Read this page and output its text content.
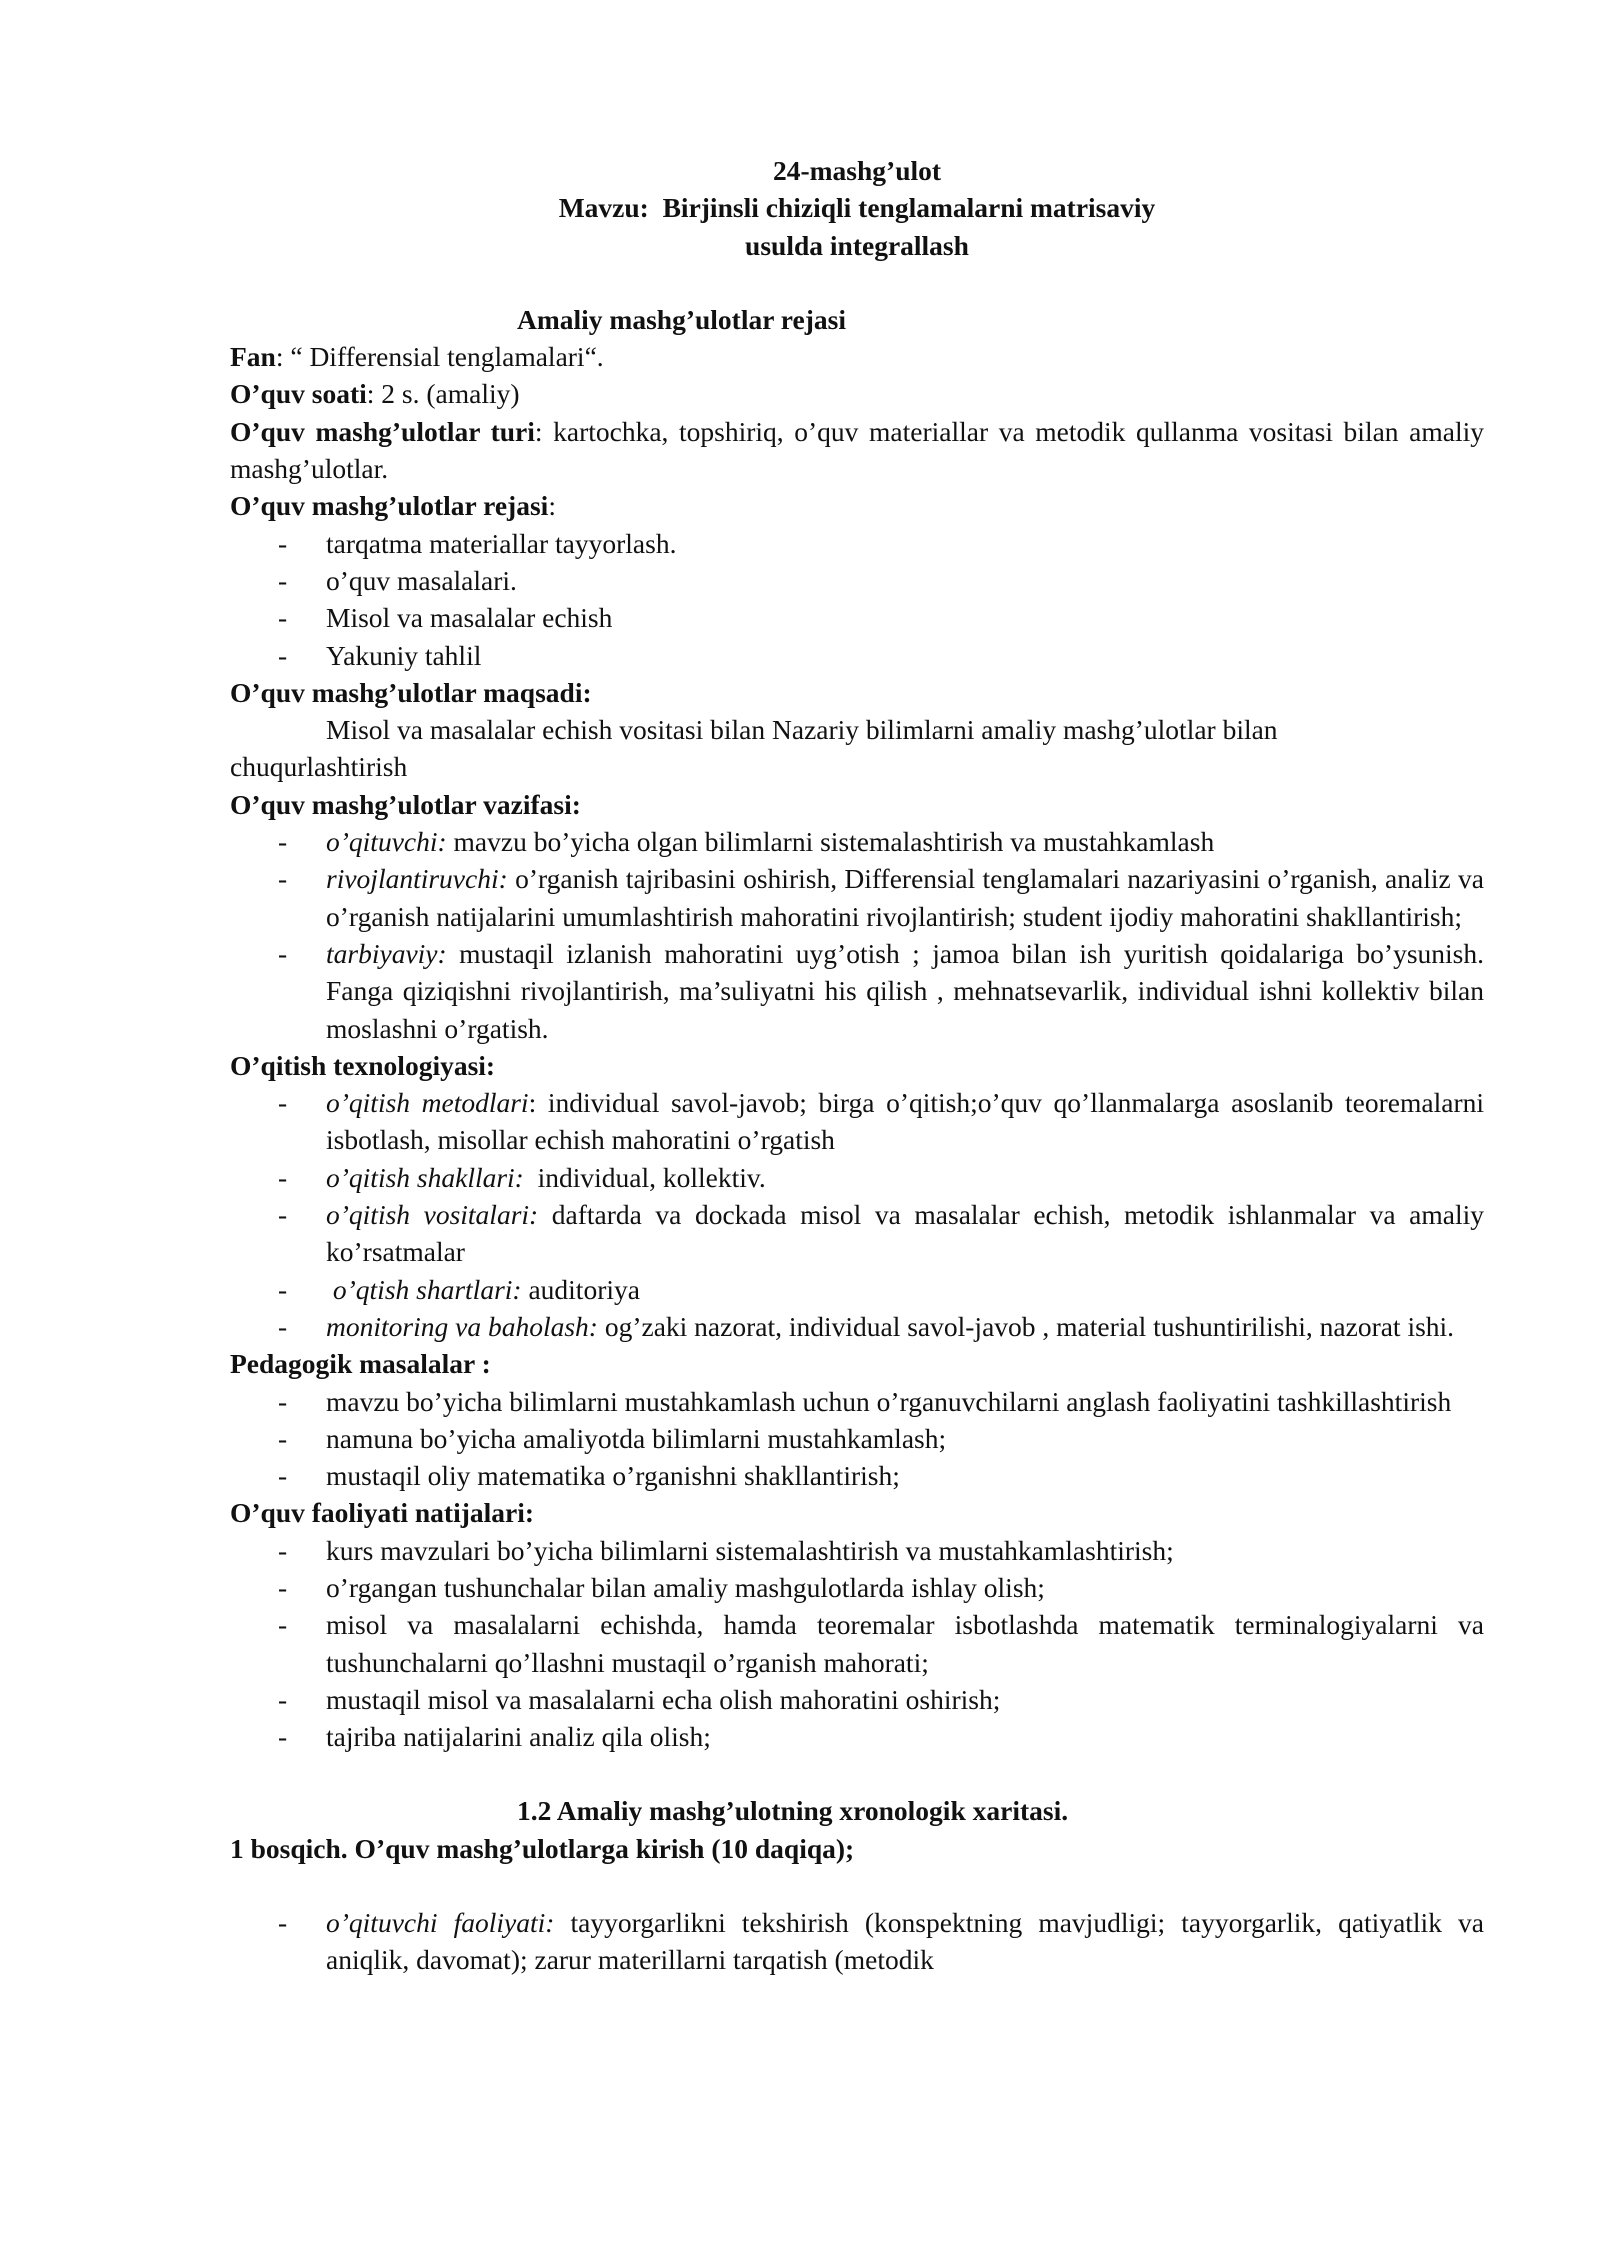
24-mashg’ulot
Mavzu:  Birjinsli chiziqli tenglamalarni matrisaviy
usulda integrallash
Amaliy mashg’ulotlar rejasi
Fan: “ Differensial tenglamalari“.
O’quv soati: 2 s. (amaliy)
O’quv mashg’ulotlar turi: kartochka, topshiriq, o’quv materiallar va metodik qullanma vositasi bilan amaliy mashg’ulotlar.
O’quv mashg’ulotlar rejasi:
- tarqatma materiallar tayyorlash.
- o’quv masalalari.
- Misol va masalalar echish
- Yakuniy tahlil
O’quv mashg’ulotlar maqsadi:
Misol va masalalar echish vositasi bilan Nazariy bilimlarni amaliy mashg’ulotlar bilan
chuqurlashtirish
O’quv mashg’ulotlar vazifasi:
- o’qituvchi: mavzu bo’yicha olgan bilimlarni sistemalashtirish va mustahkamlash
- rivojlantiruvchi: o’rganish tajribasini oshirish, Differensial tenglamalari nazariyasini o’rganish, analiz va o’rganish natijalarini umumlashtirish mahoratini rivojlantirish; student ijodiy mahoratini shakllantirish;
- tarbiyaviy: mustaqil izlanish mahoratini uyg’otish ; jamoa bilan ish yuritish qoidalariga bo’ysunish. Fanga qiziqishni rivojlantirish, ma’suliyatni his qilish , mehnatsevarlik, individual ishni kollektiv bilan moslashni o’rgatish.
O’qitish texnologiyasi:
- o’qitish metodlari: individual savol-javob; birga o’qitish;o’quv qo’llanmalarga asoslanib teoremalarni isbotlash, misollar echish mahoratini o’rgatish
- o’qitish shakllari:  individual, kollektiv.
- o’qitish vositalari: daftarda va dockada misol va masalalar echish, metodik ishlanmalar va amaliy ko’rsatmalar
- o’qtish shartlari: auditoriya
- monitoring va baholash: og’zaki nazorat, individual savol-javob , material tushuntirilishi, nazorat ishi.
Pedagogik masalalar :
- mavzu bo’yicha bilimlarni mustahkamlash uchun o’rganuvchilarni anglash faoliyatini tashkillashtirish
- namuna bo’yicha amaliyotda bilimlarni mustahkamlash;
- mustaqil oliy matematika o’rganishni shakllantirish;
O’quv faoliyati natijalari:
- kurs mavzulari bo’yicha bilimlarni sistemalashtirish va mustahkamlashtirish;
- o’rgangan tushunchalar bilan amaliy mashgulotlarda ishlay olish;
- misol va masalalarni echishda, hamda teoremalar isbotlashda matematik terminalogiyalarni va tushunchalarni qo’llashni mustaqil o’rganish mahorati;
- mustaqil misol va masalalarni echa olish mahoratini oshirish;
- tajriba natijalarini analiz qila olish;
1.2 Amaliy mashg’ulotning xronologik xaritasi.
1 bosqich. O’quv mashg’ulotlarga kirish (10 daqiqa);
- o’qituvchi faoliyati: tayyorgarlikni tekshirish (konspektning mavjudligi; tayyorgarlik, qatiyatlik va aniqlik, davomat); zarur materillarni tarqatish (metodik
